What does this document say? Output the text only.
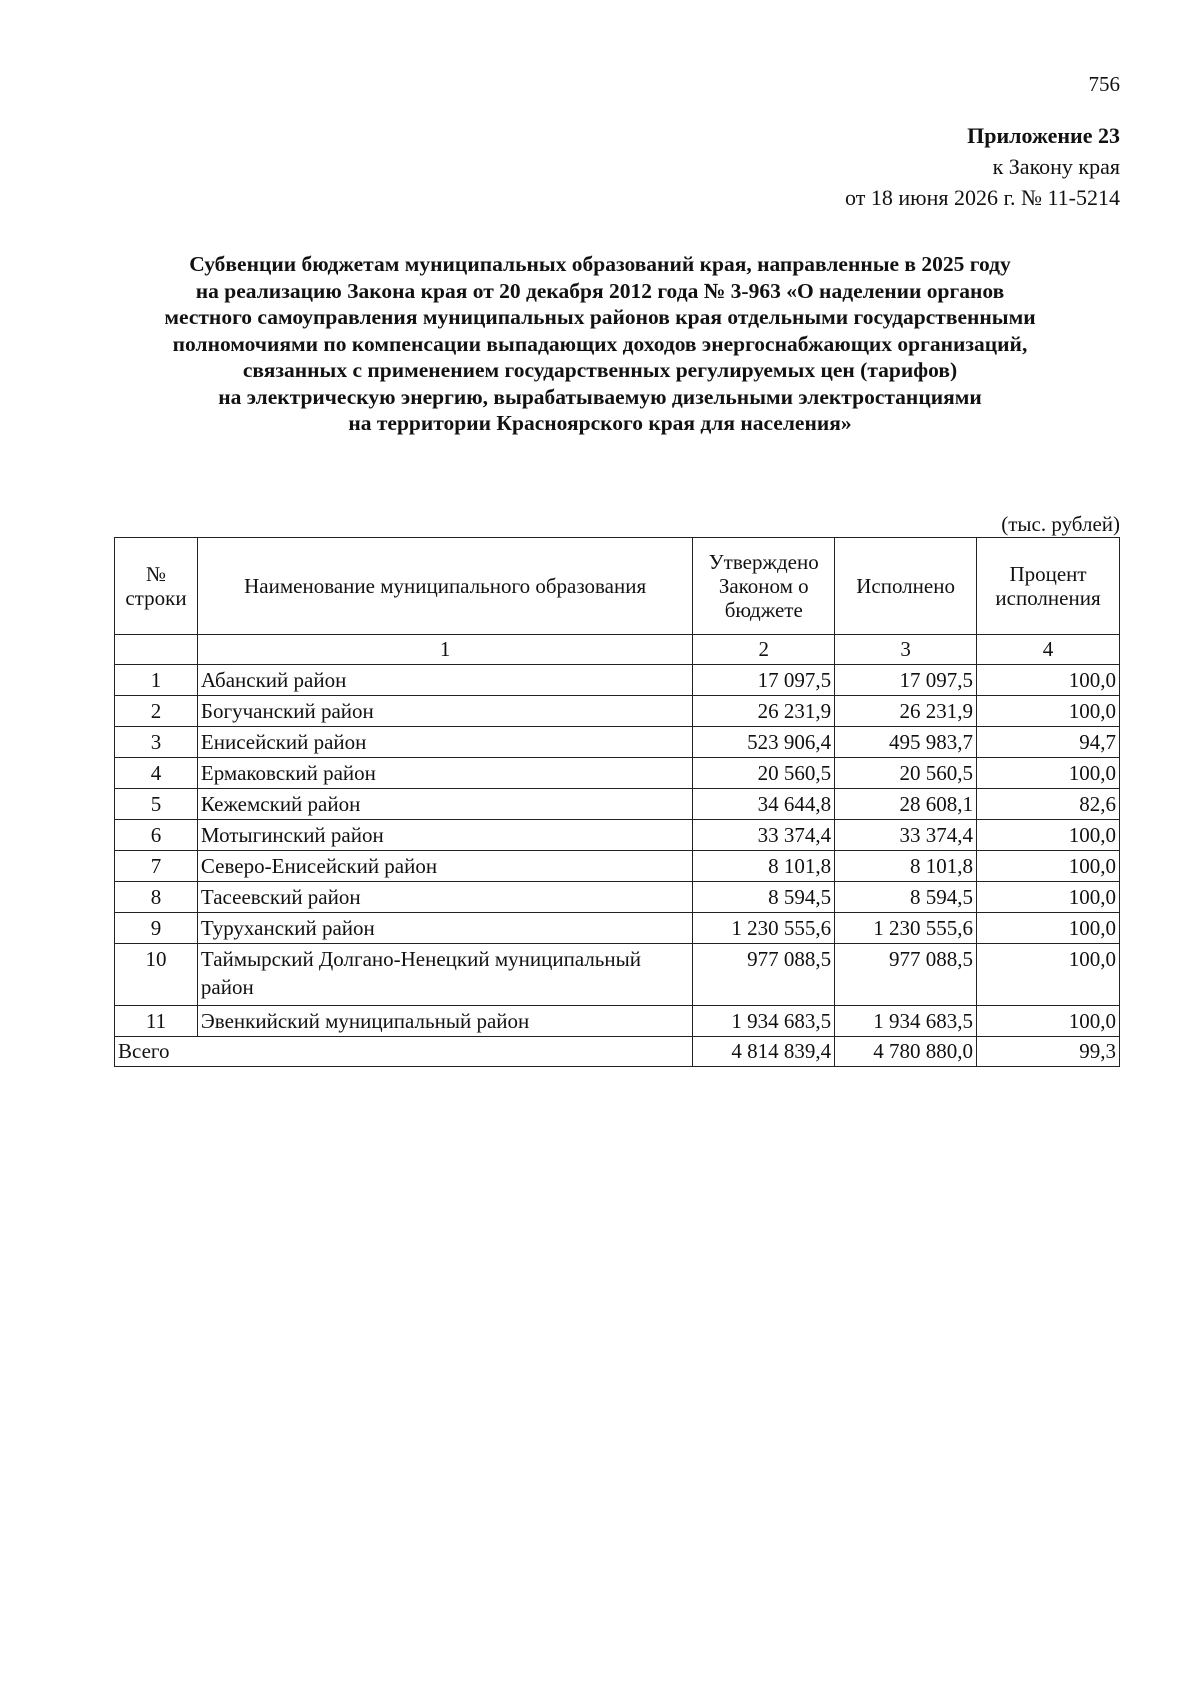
756
Приложение 23
к Закону края
от 18 июня 2026 г. № 11-5214
Субвенции бюджетам муниципальных образований края, направленные в 2025 году
на реализацию Закона края от 20 декабря 2012 года № 3-963 «О наделении органов
местного самоуправления муниципальных районов края отдельными государственными
полномочиями по компенсации выпадающих доходов энергоснабжающих организаций,
связанных с применением государственных регулируемых цен (тарифов)
на электрическую энергию, вырабатываемую дизельными электростанциями
на территории Красноярского края для населения»
(тыс. рублей)
№ строки	Наименование муниципального образования	Утверждено Законом о бюджете	Исполнено	Процент исполнения
	1	2	3	4
1	Абанский район	17 097,5	17 097,5	100,0
2	Богучанский район	26 231,9	26 231,9	100,0
3	Енисейский район	523 906,4	495 983,7	94,7
4	Ермаковский район	20 560,5	20 560,5	100,0
5	Кежемский район	34 644,8	28 608,1	82,6
6	Мотыгинский район	33 374,4	33 374,4	100,0
7	Северо-Енисейский район	8 101,8	8 101,8	100,0
8	Тасеевский район	8 594,5	8 594,5	100,0
9	Туруханский район	1 230 555,6	1 230 555,6	100,0
10	Таймырский Долгано-Ненецкий муниципальный район	977 088,5	977 088,5	100,0
11	Эвенкийский муниципальный район	1 934 683,5	1 934 683,5	100,0
Всего		4 814 839,4	4 780 880,0	99,3
